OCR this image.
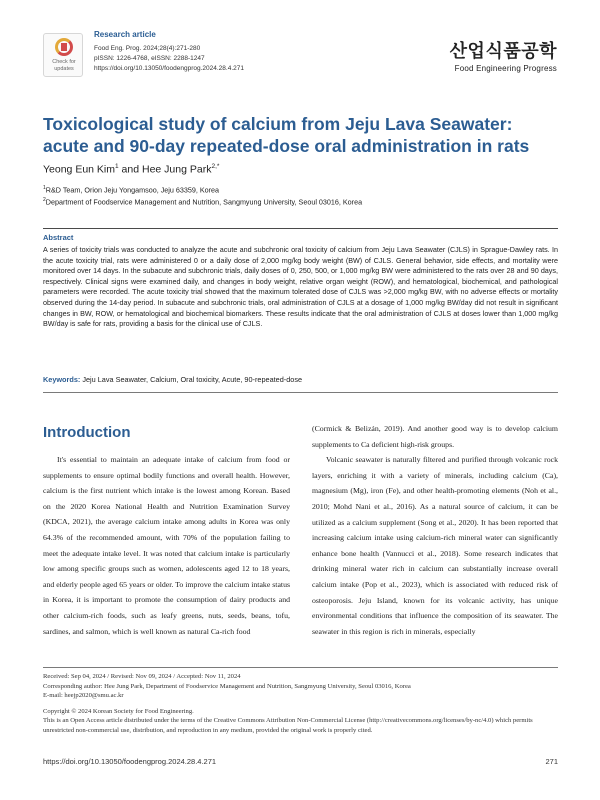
Check for
updates
Research article
Food Eng. Prog. 2024;28(4):271-280
pISSN: 1226-4768, eISSN: 2288-1247
https://doi.org/10.13050/foodengprog.2024.28.4.271
산업식품공학
Food Engineering Progress
Toxicological study of calcium from Jeju Lava Seawater: acute and 90-day repeated-dose oral administration in rats
Yeong Eun Kim$^1$ and Hee Jung Park$^{2,*}$
$^1$R&D Team, Orion Jeju Yongamsoo, Jeju 63359, Korea
$^2$Department of Foodservice Management and Nutrition, Sangmyung University, Seoul 03016, Korea
Abstract

A series of toxicity trials was conducted to analyze the acute and subchronic oral toxicity of calcium from Jeju Lava Seawater (CJLS) in Sprague-Dawley rats. In the acute toxicity trial, rats were administered 0 or a daily dose of 2,000 mg/kg body weight (BW) of CJLS. General behavior, side effects, and mortality were monitored over 14 days. In the subacute and subchronic trials, daily doses of 0, 250, 500, or 1,000 mg/kg BW were administered to the rats over 28 and 90 days, respectively. Clinical signs were examined daily, and changes in body weight, relative organ weight (ROW), and hematological, biochemical, and pathological parameters were recorded. The acute toxicity trial showed that the maximum tolerated dose of CJLS was >2,000 mg/kg BW, with no adverse effects or mortality observed during the 14-day period. In subacute and subchronic trials, oral administration of CJLS at a dosage of 1,000 mg/kg BW/day did not result in significant changes in BW, ROW, or hematological and biochemical biomarkers. These results indicate that the oral administration of CJLS at doses lower than 1,000 mg/kg BW/day is safe for rats, providing a basis for the clinical use of CJLS.

Keywords: Jeju Lava Seawater, Calcium, Oral toxicity, Acute, 90-repeated-dose
Introduction

It's essential to maintain an adequate intake of calcium from food or supplements to ensure optimal bodily functions and overall health. However, calcium is the first nutrient which intake is the lowest among Korean. Based on the 2020 Korea National Health and Nutrition Examination Survey (KDCA, 2021), the average calcium intake among adults in Korea was only 64.3% of the recommended amount, with 70% of the population failing to meet the adequate intake level. It was noted that calcium intake is particularly low among specific groups such as women, adolescents aged 12 to 18 years, and elderly people aged 65 years or older. To improve the calcium intake status in Korea, it is important to promote the consumption of dairy products and other calcium-rich foods, such as leafy greens, nuts, seeds, beans, tofu, sardines, and salmon, which is well known as natural Ca-rich food

(Cormick & Belizán, 2019). And another good way is to develop calcium supplements to Ca deficient high-risk groups.

Volcanic seawater is naturally filtered and purified through volcanic rock layers, enriching it with a variety of minerals, including calcium (Ca), magnesium (Mg), iron (Fe), and other health-promoting elements (Noh et al., 2010; Mohd Nani et al., 2016). As a natural source of calcium, it can be utilized as a calcium supplement (Song et al., 2020). It has been reported that increasing calcium intake using calcium-rich mineral water can significantly enhance bone health (Vannucci et al., 2018). Some research indicates that drinking mineral water rich in calcium can substantially increase overall calcium intake (Pop et al., 2023), which is associated with reduced risk of osteoporosis. Jeju Island, known for its volcanic activity, has unique environmental conditions that influence the composition of its seawater. The seawater in this region is rich in minerals, especially

Received: Sep 04, 2024 / Revised: Nov 09, 2024 / Accepted: Nov 11, 2024
Corresponding author: Hee Jung Park, Department of Foodservice Management and Nutrition, Sangmyung University, Seoul 03016, Korea
E-mail: heejp2020@smu.ac.kr
Copyright © 2024 Korean Society for Food Engineering.
This is an Open Access article distributed under the terms of the Creative Commons Attribution Non-Commercial License (http://creativecommons.org/licenses/by-nc/4.0) which permits unrestricted non-commercial use, distribution, and reproduction in any medium, provided the original work is properly cited.
https://doi.org/10.13050/foodengprog.2024.28.4.271	271
